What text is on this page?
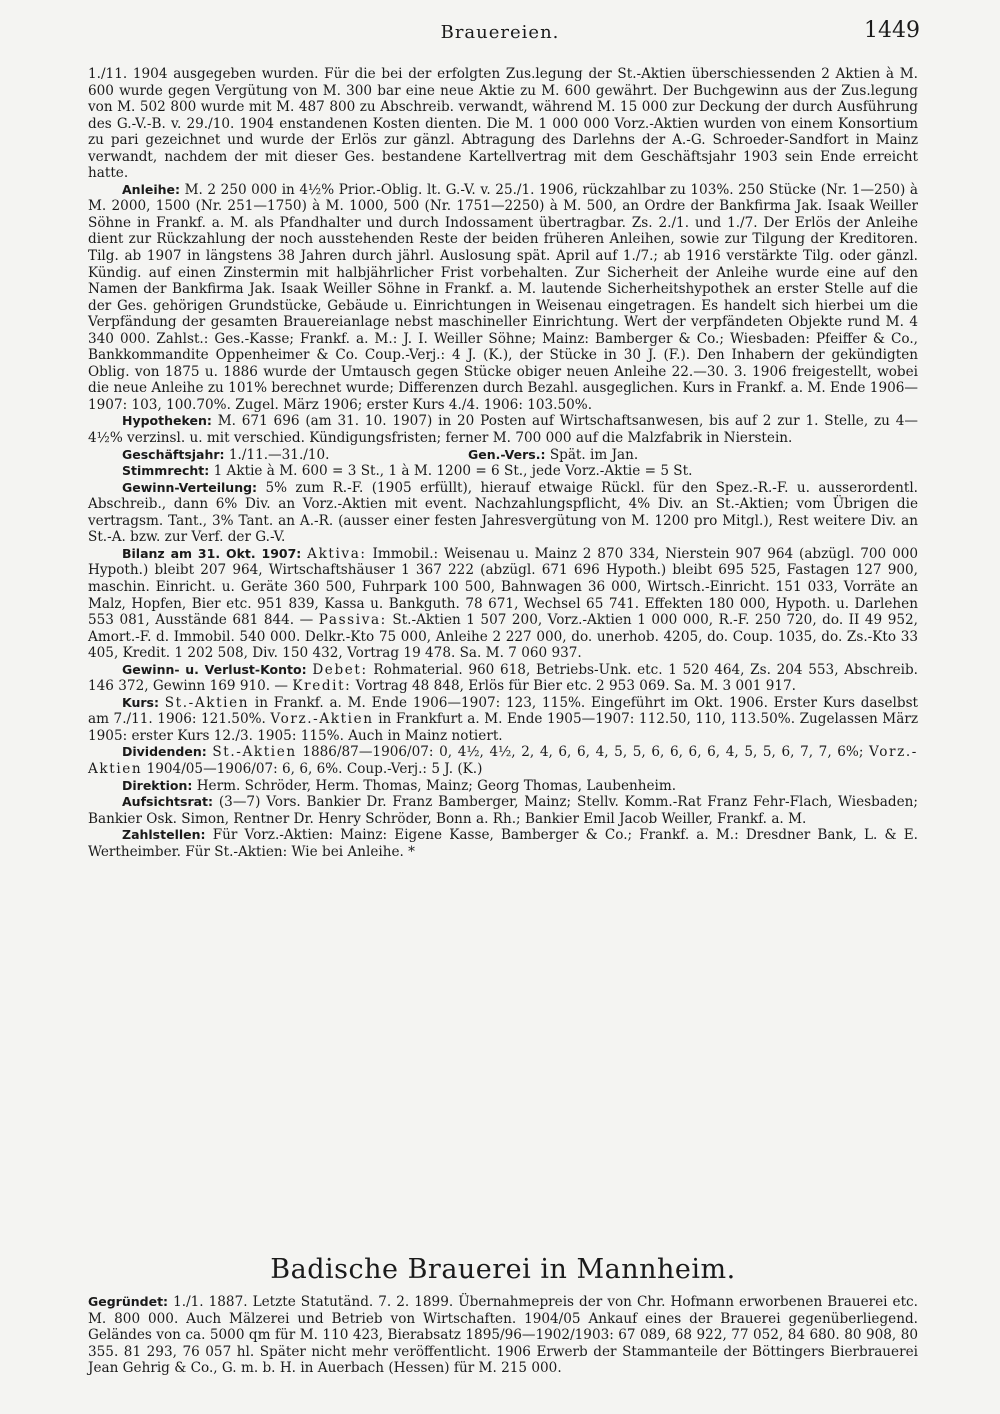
Brauereien.	1449

1./11. 1904 ausgegeben wurden. Für die bei der erfolgten Zus.legung der St.-Aktien überschiessenden 2 Aktien à M. 600 wurde gegen Vergütung von M. 300 bar eine neue Aktie zu M. 600 gewährt. Der Buchgewinn aus der Zus.legung von M. 502 800 wurde mit M. 487 800 zu Abschreib. verwandt, während M. 15 000 zur Deckung der durch Ausführung des G.-V.-B. v. 29./10. 1904 enstandenen Kosten dienten. Die M. 1 000 000 Vorz.-Aktien wurden von einem Konsortium zu pari gezeichnet und wurde der Erlös zur gänzl. Abtragung des Darlehns der A.-G. Schroeder-Sandfort in Mainz verwandt, nachdem der mit dieser Ges. bestandene Kartellvertrag mit dem Geschäftsjahr 1903 sein Ende erreicht hatte.

Anleihe: M. 2 250 000 in 4½% Prior.-Oblig. lt. G.-V. v. 25./1. 1906, rückzahlbar zu 103%. 250 Stücke (Nr. 1—250) à M. 2000, 1500 (Nr. 251—1750) à M. 1000, 500 (Nr. 1751—2250) à M. 500, an Ordre der Bankfirma Jak. Isaak Weiller Söhne in Frankf. a. M. als Pfandhalter und durch Indossament übertragbar. Zs. 2./1. und 1./7. Der Erlös der Anleihe dient zur Rückzahlung der noch ausstehenden Reste der beiden früheren Anleihen, sowie zur Tilgung der Kreditoren. Tilg. ab 1907 in längstens 38 Jahren durch jährl. Auslosung spät. April auf 1./7.; ab 1916 verstärkte Tilg. oder gänzl. Kündig. auf einen Zinstermin mit halbjährlicher Frist vorbehalten. Zur Sicherheit der Anleihe wurde eine auf den Namen der Bankfirma Jak. Isaak Weiller Söhne in Frankf. a. M. lautende Sicherheitshypothek an erster Stelle auf die der Ges. gehörigen Grundstücke, Gebäude u. Einrichtungen in Weisenau eingetragen. Es handelt sich hierbei um die Verpfändung der gesamten Brauereianlage nebst maschineller Einrichtung. Wert der verpfändeten Objekte rund M. 4 340 000. Zahlst.: Ges.-Kasse; Frankf. a. M.: J. I. Weiller Söhne; Mainz: Bamberger & Co.; Wiesbaden: Pfeiffer & Co., Bankkommandite Oppenheimer & Co. Coup.-Verj.: 4 J. (K.), der Stücke in 30 J. (F.). Den Inhabern der gekündigten Oblig. von 1875 u. 1886 wurde der Umtausch gegen Stücke obiger neuen Anleihe 22.—30. 3. 1906 freigestellt, wobei die neue Anleihe zu 101% berechnet wurde; Differenzen durch Bezahl. ausgeglichen. Kurs in Frankf. a. M. Ende 1906—1907: 103, 100.70%. Zugel. März 1906; erster Kurs 4./4. 1906: 103.50%.

Hypotheken: M. 671 696 (am 31. 10. 1907) in 20 Posten auf Wirtschaftsanwesen, bis auf 2 zur 1. Stelle, zu 4—4½% verzinsl. u. mit verschied. Kündigungsfristen; ferner M. 700 000 auf die Malzfabrik in Nierstein.

Geschäftsjahr: 1./11.—31./10.	Gen.-Vers.: Spät. im Jan.

Stimmrecht: 1 Aktie à M. 600 = 3 St., 1 à M. 1200 = 6 St., jede Vorz.-Aktie = 5 St.

Gewinn-Verteilung: 5% zum R.-F. (1905 erfüllt), hierauf etwaige Rückl. für den Spez.-R.-F. u. ausserordentl. Abschreib., dann 6% Div. an Vorz.-Aktien mit event. Nachzahlungspflicht, 4% Div. an St.-Aktien; vom Übrigen die vertragsm. Tant., 3% Tant. an A.-R. (ausser einer festen Jahresvergütung von M. 1200 pro Mitgl.), Rest weitere Div. an St.-A. bzw. zur Verf. der G.-V.

Bilanz am 31. Okt. 1907: Aktiva: Immobil.: Weisenau u. Mainz 2 870 334, Nierstein 907 964 (abzügl. 700 000 Hypoth.) bleibt 207 964, Wirtschaftshäuser 1 367 222 (abzügl. 671 696 Hypoth.) bleibt 695 525, Fastagen 127 900, maschin. Einricht. u. Geräte 360 500, Fuhrpark 100 500, Bahnwagen 36 000, Wirtsch.-Einricht. 151 033, Vorräte an Malz, Hopfen, Bier etc. 951 839, Kassa u. Bankguth. 78 671, Wechsel 65 741. Effekten 180 000, Hypoth. u. Darlehen 553 081, Ausstände 681 844. — Passiva: St.-Aktien 1 507 200, Vorz.-Aktien 1 000 000, R.-F. 250 720, do. II 49 952, Amort.-F. d. Immobil. 540 000. Delkr.-Kto 75 000, Anleihe 2 227 000, do. unerhob. 4205, do. Coup. 1035, do. Zs.-Kto 33 405, Kredit. 1 202 508, Div. 150 432, Vortrag 19 478. Sa. M. 7 060 937.

Gewinn- u. Verlust-Konto: Debet: Rohmaterial. 960 618, Betriebs-Unk. etc. 1 520 464, Zs. 204 553, Abschreib. 146 372, Gewinn 169 910. — Kredit: Vortrag 48 848, Erlös für Bier etc. 2 953 069. Sa. M. 3 001 917.

Kurs: St.-Aktien in Frankf. a. M. Ende 1906—1907: 123, 115%. Eingeführt im Okt. 1906. Erster Kurs daselbst am 7./11. 1906: 121.50%. Vorz.-Aktien in Frankfurt a. M. Ende 1905—1907: 112.50, 110, 113.50%. Zugelassen März 1905: erster Kurs 12./3. 1905: 115%. Auch in Mainz notiert.

Dividenden: St.-Aktien 1886/87—1906/07: 0, 4½, 4½, 2, 4, 6, 6, 4, 5, 5, 6, 6, 6, 6, 4, 5, 5, 6, 7, 7, 6%; Vorz.-Aktien 1904/05—1906/07: 6, 6, 6%. Coup.-Verj.: 5 J. (K.)

Direktion: Herm. Schröder, Herm. Thomas, Mainz; Georg Thomas, Laubenheim.

Aufsichtsrat: (3—7) Vors. Bankier Dr. Franz Bamberger, Mainz; Stellv. Komm.-Rat Franz Fehr-Flach, Wiesbaden; Bankier Osk. Simon, Rentner Dr. Henry Schröder, Bonn a. Rh.; Bankier Emil Jacob Weiller, Frankf. a. M.

Zahlstellen: Für Vorz.-Aktien: Mainz: Eigene Kasse, Bamberger & Co.; Frankf. a. M.: Dresdner Bank, L. & E. Wertheimber. Für St.-Aktien: Wie bei Anleihe. *

Badische Brauerei in Mannheim.

Gegründet: 1./1. 1887. Letzte Statutänd. 7. 2. 1899. Übernahmepreis der von Chr. Hofmann erworbenen Brauerei etc. M. 800 000. Auch Mälzerei und Betrieb von Wirtschaften. 1904/05 Ankauf eines der Brauerei gegenüberliegend. Geländes von ca. 5000 qm für M. 110 423, Bierabsatz 1895/96—1902/1903: 67 089, 68 922, 77 052, 84 680. 80 908, 80 355. 81 293, 76 057 hl. Später nicht mehr veröffentlicht. 1906 Erwerb der Stammanteile der Böttingers Bierbrauerei Jean Gehrig & Co., G. m. b. H. in Auerbach (Hessen) für M. 215 000.
